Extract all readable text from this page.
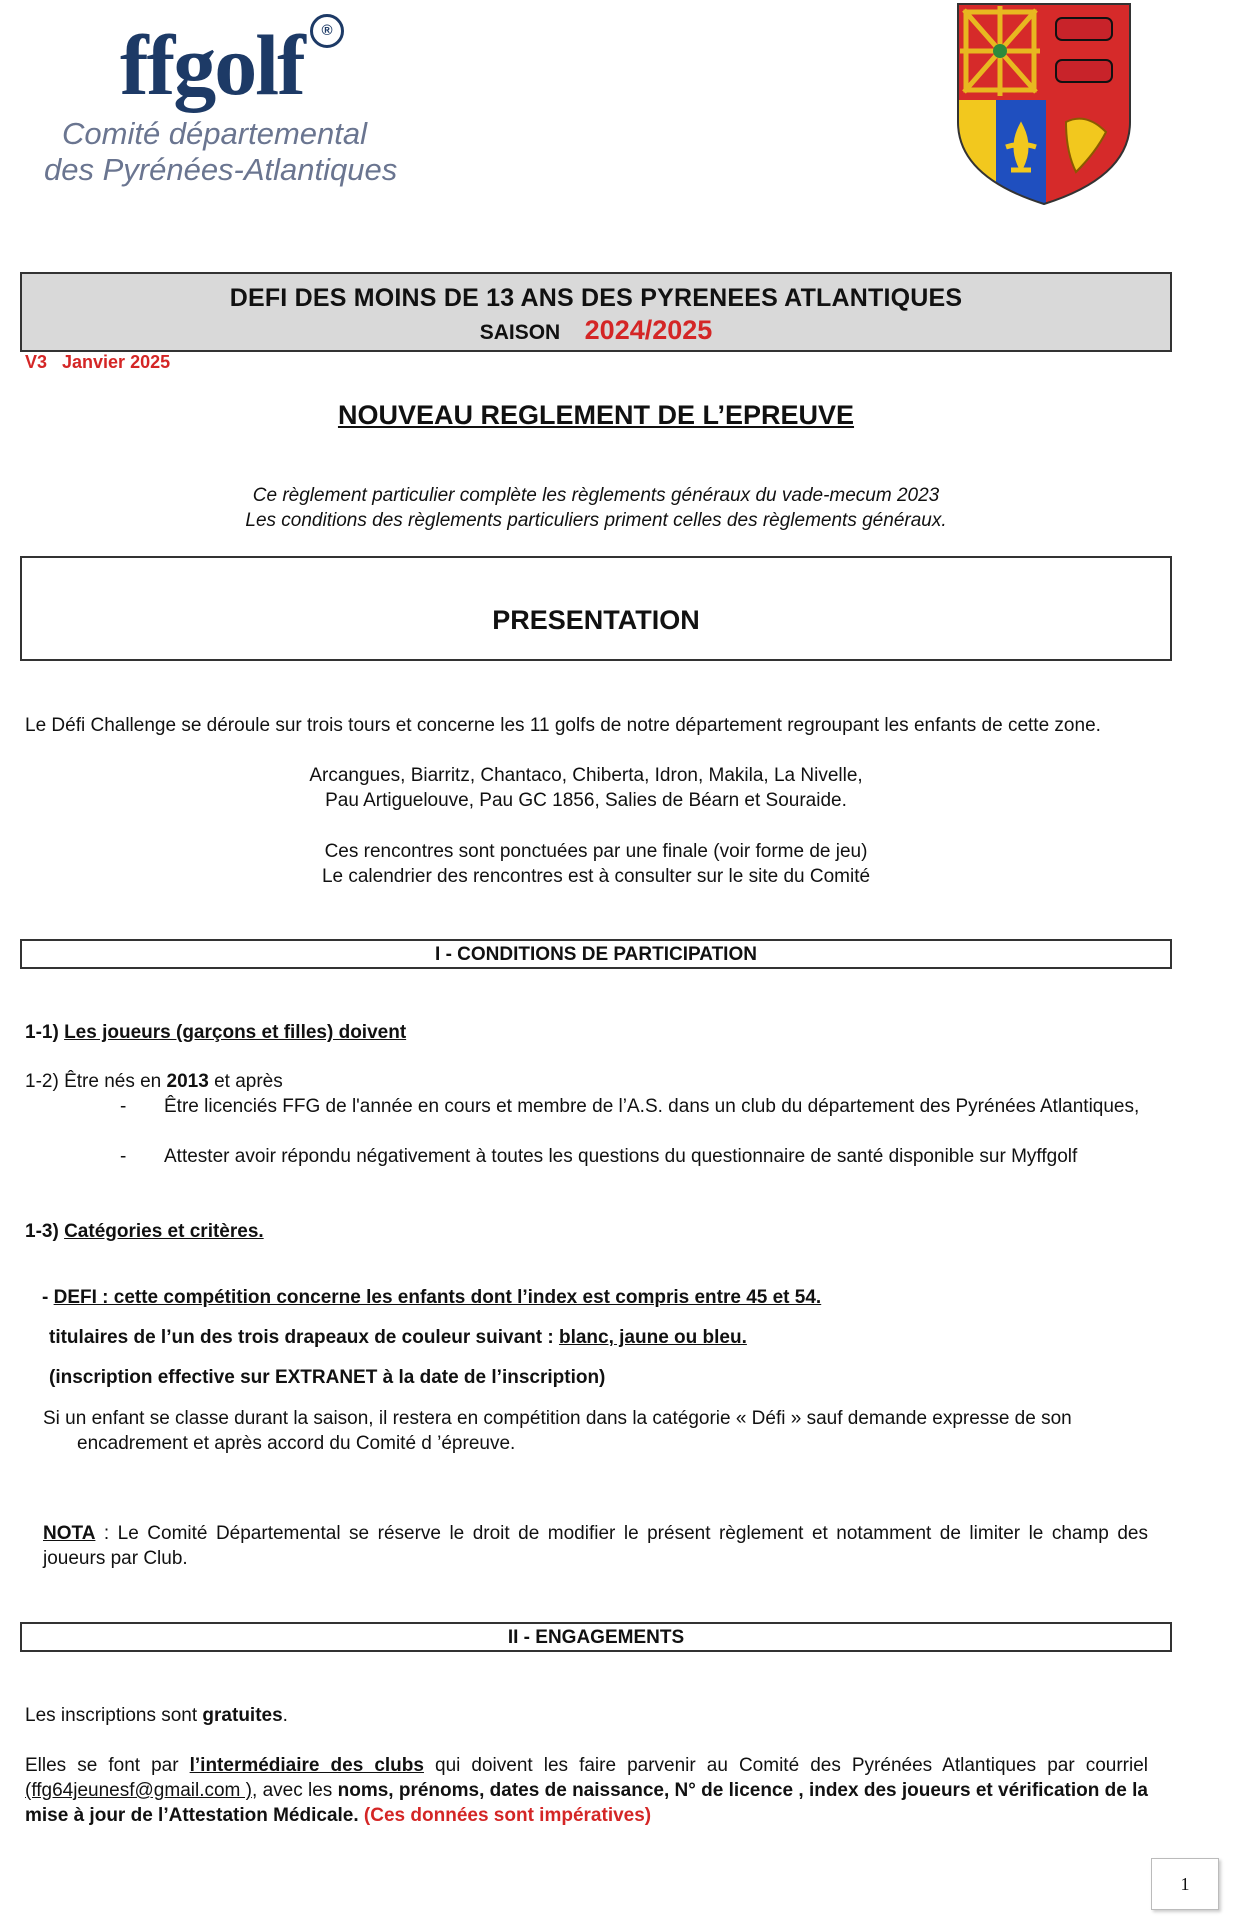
ffgolf	®
Comité départemental
des Pyrénées-Atlantiques
DEFI DES MOINS DE 13 ANS DES PYRENEES ATLANTIQUES
SAISON 2024/2025
V3   Janvier 2025
NOUVEAU REGLEMENT DE L’EPREUVE
Ce règlement particulier complète les règlements généraux du vade-mecum 2023
Les conditions des règlements particuliers priment celles des règlements généraux.
PRESENTATION
Le Défi Challenge se déroule sur trois tours et concerne les 11 golfs de notre département regroupant les enfants de cette zone.
Arcangues, Biarritz, Chantaco, Chiberta, Idron, Makila, La Nivelle,
Pau Artiguelouve, Pau GC 1856, Salies de Béarn et Souraide.
Ces rencontres sont ponctuées par une finale (voir forme de jeu)
Le calendrier des rencontres est à consulter sur le site du Comité
I - CONDITIONS DE PARTICIPATION
1-1) Les joueurs (garçons et filles) doivent
1-2) Être nés en 2013 et après
- Être licenciés FFG de l'année en cours et membre de l’A.S. dans un club du département des Pyrénées Atlantiques,
- Attester avoir répondu négativement à toutes les questions du questionnaire de santé disponible sur Myffgolf
1-3) Catégories et critères.
- DEFI : cette compétition concerne les enfants dont l’index est compris entre 45 et 54.
titulaires de l’un des trois drapeaux de couleur suivant : blanc, jaune ou bleu.
(inscription effective sur EXTRANET à la date de l’inscription)
Si un enfant se classe durant la saison, il restera en compétition dans la catégorie « Défi » sauf demande expresse de son encadrement et après accord du Comité d ’épreuve.
NOTA : Le Comité Départemental se réserve le droit de modifier le présent règlement et notamment de limiter le champ des joueurs par Club.
II - ENGAGEMENTS
Les inscriptions sont gratuites.
Elles se font par l’intermédiaire des clubs qui doivent les faire parvenir au Comité des Pyrénées Atlantiques par courriel (ffg64jeunesf@gmail.com ), avec les noms, prénoms, dates de naissance, N° de licence , index des joueurs et vérification de la mise à jour de l’Attestation Médicale. (Ces données sont impératives)
1
